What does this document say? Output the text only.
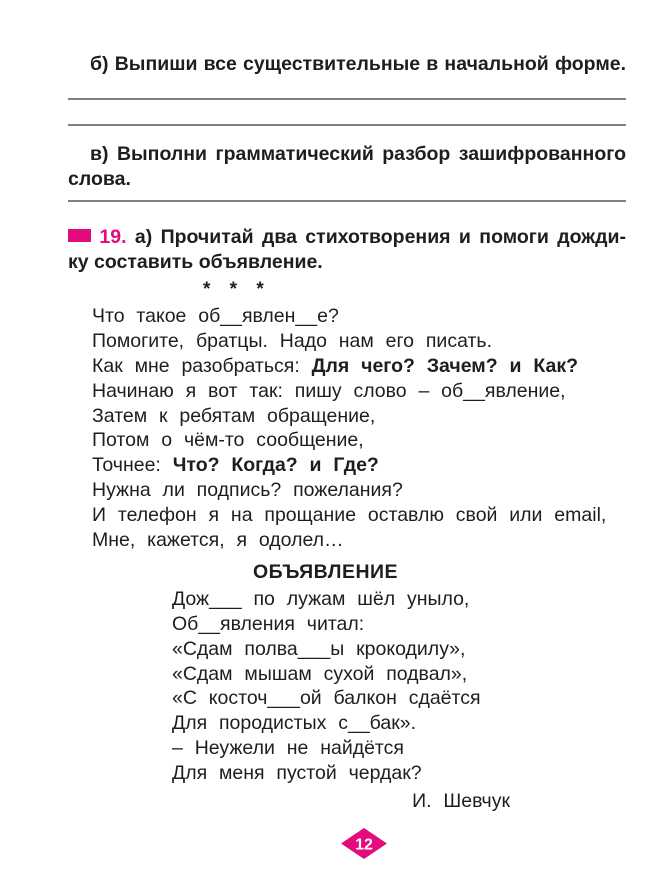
б) Выпиши все существительные в начальной форме.

в) Выполни грамматический разбор зашифрованного слова.

19. а) Прочитай два стихотворения и помоги дожди-
ку составить объявление.
* * *
Что такое об__явлен__е?
Помогите, братцы. Надо нам его писать.
Как мне разобраться: Для чего? Зачем? и Как?
Начинаю я вот так: пишу слово – об__явление,
Затем к ребятам обращение,
Потом о чём-то сообщение,
Точнее: Что? Когда? и Где?
Нужна ли подпись? пожелания?
И телефон я на прощание оставлю свой или email,
Мне, кажется, я одолел…
ОБЪЯВЛЕНИЕ
Дож___ по лужам шёл уныло,
Об__явления читал:
«Сдам полва___ы крокодилу»,
«Сдам мышам сухой подвал»,
«С косточ___ой балкон сдаётся
Для породистых с__бак».
– Неужели не найдётся
Для меня пустой чердак?
И. Шевчук
12
